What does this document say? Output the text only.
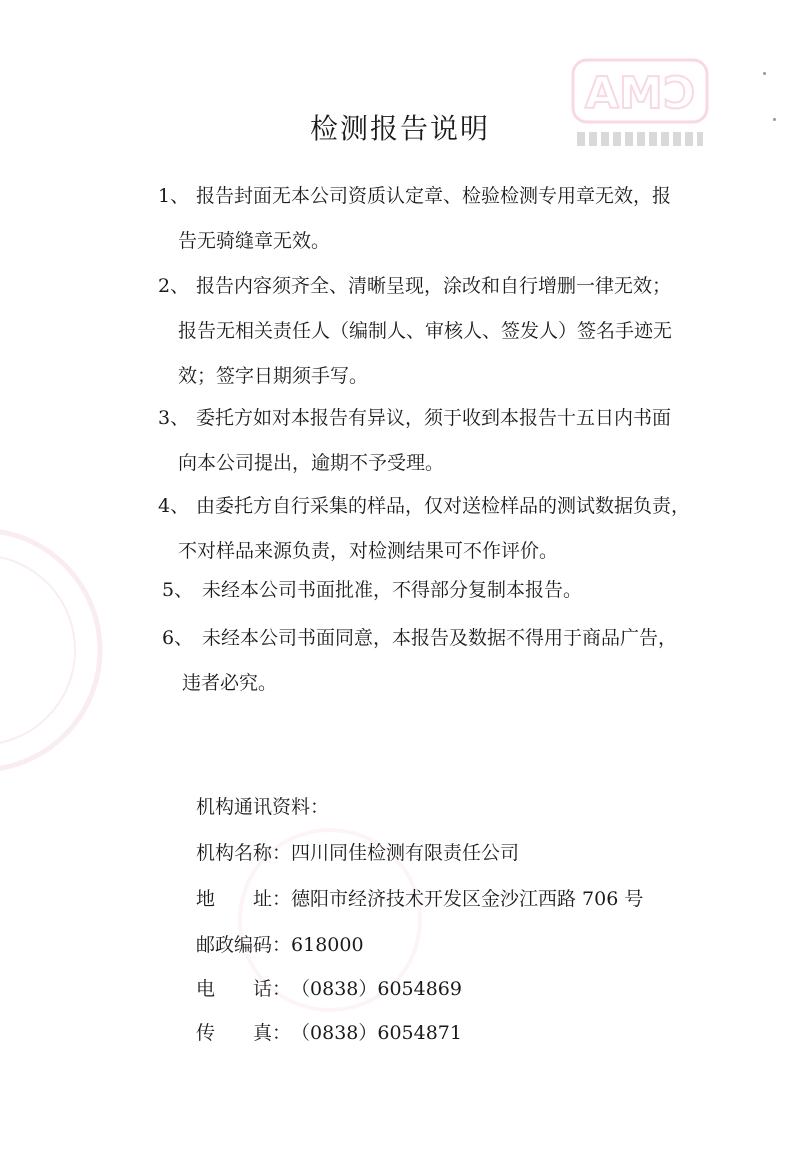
CMA
检测报告说明
1、 报告封面无本公司资质认定章、检验检测专用章无效，报
告无骑缝章无效。
2、 报告内容须齐全、清晰呈现，涂改和自行增删一律无效；
报告无相关责任人（编制人、审核人、签发人）签名手迹无
效；签字日期须手写。
3、 委托方如对本报告有异议，须于收到本报告十五日内书面
向本公司提出，逾期不予受理。
4、 由委托方自行采集的样品，仅对送检样品的测试数据负责，
不对样品来源负责，对检测结果可不作评价。
5、 未经本公司书面批准，不得部分复制本报告。
6、 未经本公司书面同意，本报告及数据不得用于商品广告，
违者必究。
机构通讯资料：
机构名称：四川同佳检测有限责任公司
地 址：德阳市经济技术开发区金沙江西路 706 号
邮政编码：618000
电 话：（0838）6054869
传 真：（0838）6054871
